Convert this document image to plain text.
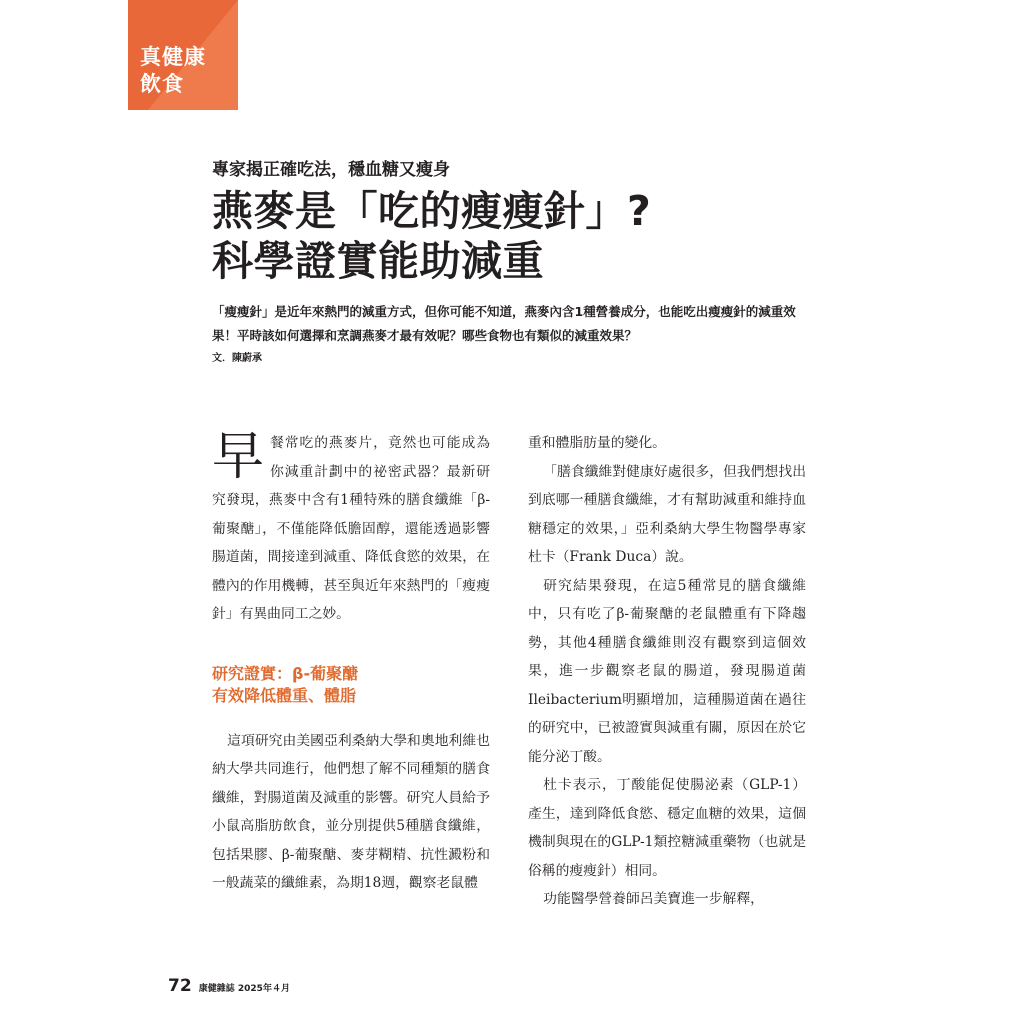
真健康
飲食
專家揭正確吃法，穩血糖又瘦身
燕麥是「吃的瘦瘦針」?
科學證實能助減重
「瘦瘦針」是近年來熱門的減重方式，但你可能不知道，燕麥內含1種營養成分，也能吃出瘦瘦針的減重效果！平時該如何選擇和烹調燕麥才最有效呢？哪些食物也有類似的減重效果？
文．陳蔚承

早餐常吃的燕麥片，竟然也可能成為你減重計劃中的祕密武器？最新研究發現，燕麥中含有1種特殊的膳食纖維「β-葡聚醣」，不僅能降低膽固醇，還能透過影響腸道菌，間接達到減重、降低食慾的效果，在體內的作用機轉，甚至與近年來熱門的「瘦瘦針」有異曲同工之妙。

研究證實：β-葡聚醣
有效降低體重、體脂

這項研究由美國亞利桑納大學和奧地利維也納大學共同進行，他們想了解不同種類的膳食纖維，對腸道菌及減重的影響。研究人員給予小鼠高脂肪飲食，並分別提供5種膳食纖維，包括果膠、β-葡聚醣、麥芽糊精、抗性澱粉和一般蔬菜的纖維素，為期18週，觀察老鼠體

重和體脂肪量的變化。

「膳食纖維對健康好處很多，但我們想找出到底哪一種膳食纖維，才有幫助減重和維持血糖穩定的效果，」亞利桑納大學生物醫學專家杜卡（Frank Duca）說。

研究結果發現，在這5種常見的膳食纖維中，只有吃了β-葡聚醣的老鼠體重有下降趨勢，其他4種膳食纖維則沒有觀察到這個效果，進一步觀察老鼠的腸道，發現腸道菌Ileibacterium明顯增加，這種腸道菌在過往的研究中，已被證實與減重有關，原因在於它能分泌丁酸。

杜卡表示，丁酸能促使腸泌素（GLP-1）產生，達到降低食慾、穩定血糖的效果，這個機制與現在的GLP-1類控糖減重藥物（也就是俗稱的瘦瘦針）相同。

功能醫學營養師呂美寶進一步解釋，

72 康健雜誌 2025年４月
